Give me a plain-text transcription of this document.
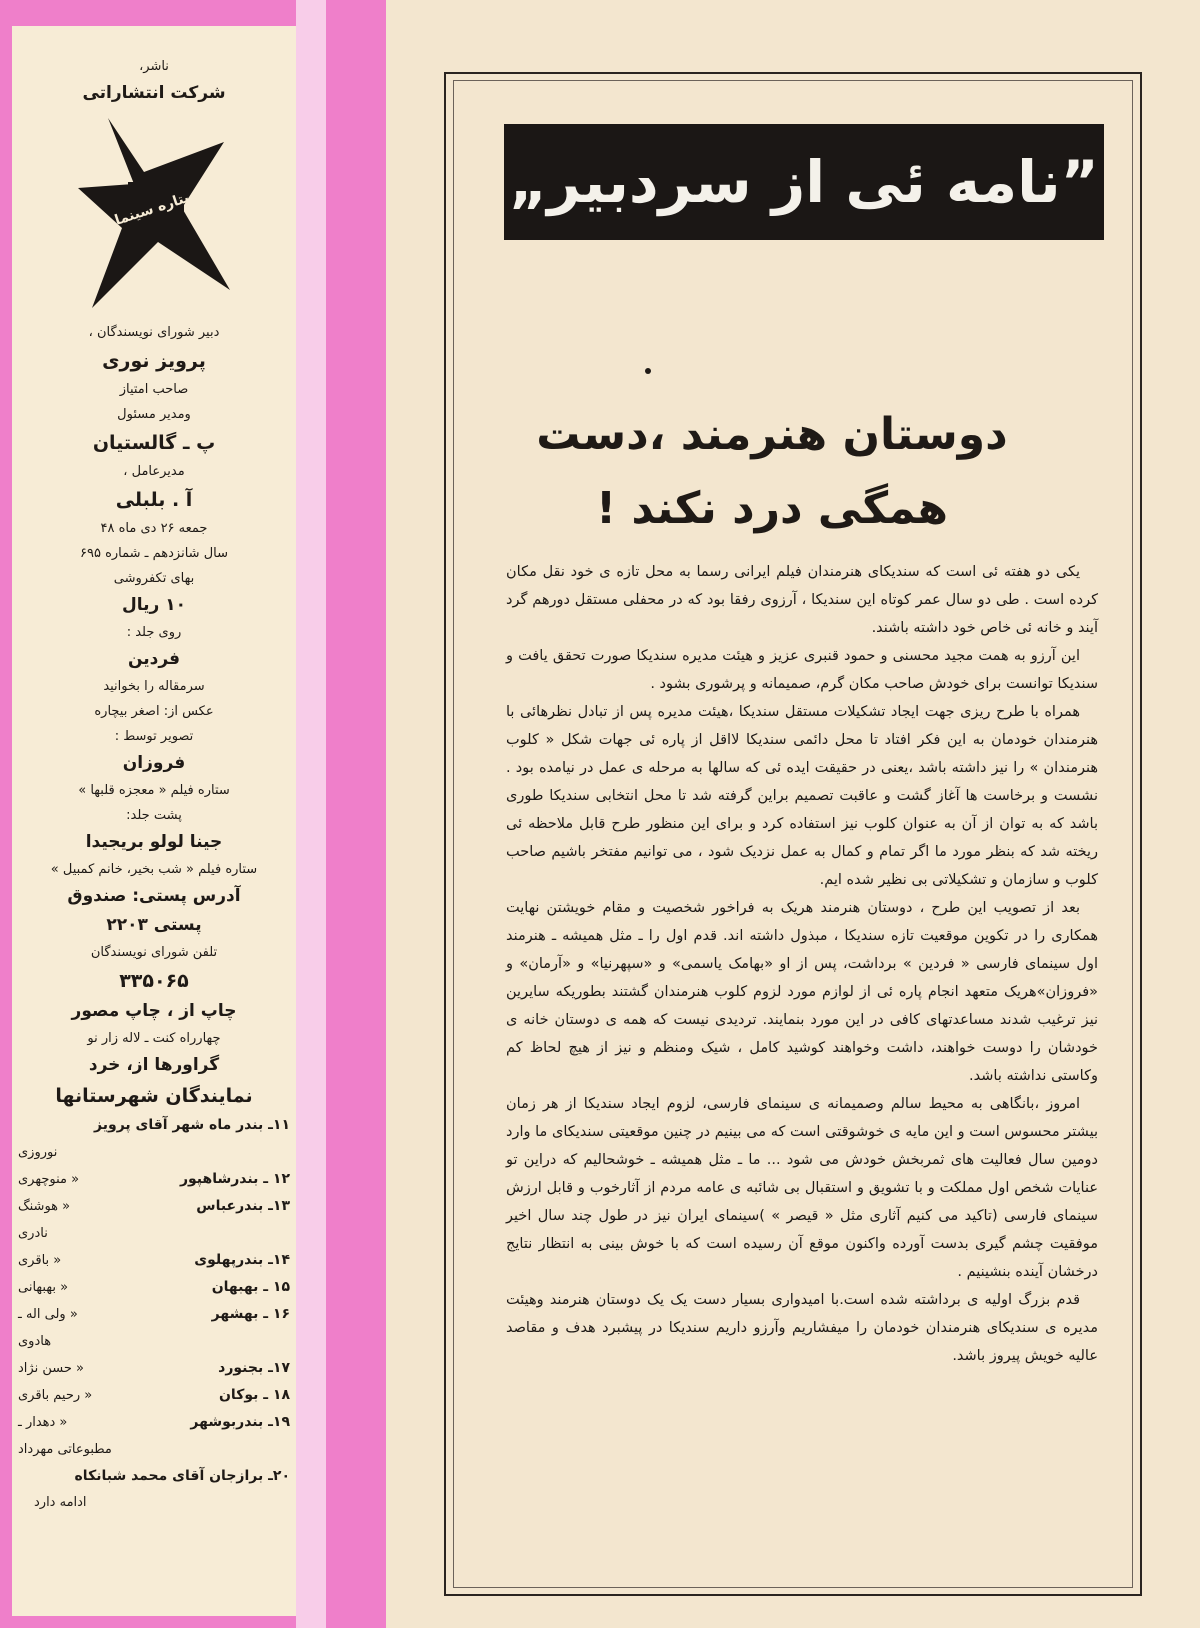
ناشر،

شرکت انتشاراتی

ستاره سینما

دبیر شورای نویسندگان ،

پرویز نوری

صاحب امتیاز

ومدیر مسئول

پ ـ گالستیان

مدیرعامل ،

آ . بلبلی

جمعه ۲۶ دی ماه ۴۸

سال شانزدهم ـ شماره ۶۹۵

بهای تکفروشی

۱۰ ریال

روی جلد :

فردین

سرمقاله را بخوانید

عکس از: اصغر بیچاره

تصویر توسط :

فروزان

ستاره فیلم « معجزه قلبها »

پشت جلد:

جینا لولو بریجیدا

ستاره فیلم « شب بخیر، خانم کمبیل »

آدرس پستی: صندوق

پستی ۲۲۰۳

تلفن شورای نویسندگان

۳۳۵۰۶۵

چاپ از ، چاپ مصور

چهارراه کنت ـ لاله زار نو

گراورها از، خرد

نمایندگان شهرستانها

۱۱ـ بندر ماه شهر آقای پرویز
نوروزی
۱۲ ـ بندرشاهپور
« منوچهری
۱۳ـ بندرعباس
« هوشنگ
نادری
۱۴ـ بندرپهلوی
« باقری
۱۵ ـ بهبهان
« بهبهانی
۱۶ ـ بهشهر
« ولی اله ـ
هادوی
۱۷ـ بجنورد
« حسن نژاد
۱۸ ـ بوکان
« رحیم باقری
۱۹ـ بندربوشهر
« دهدار ـ
مطبوعاتی مهرداد
۲۰ـ برازجان آقای محمد شبانکاه

ادامه دارد

”نامه ئی از سردبیر„
دوستان هنرمند ،دست
همگی درد نکند !

یکی دو هفته ئی است که سندیکای هنرمندان فیلم ایرانی رسما به محل تازه ی خود نقل مکان کرده است . طی دو سال عمر کوتاه این سندیکا ، آرزوی رفقا بود که در محفلی مستقل دورهم گرد آیند و خانه ئی خاص خود داشته باشند.

این آرزو به همت مجید محسنی و حمود قنبری عزیز و هیئت مدیره سندیکا صورت تحقق یافت و سندیکا توانست برای خودش صاحب مکان گرم، صمیمانه و پرشوری بشود .

همراه با طرح ریزی جهت ایجاد تشکیلات مستقل سندیکا ،هیئت مدیره پس از تبادل نظرهائی با هنرمندان خودمان به این فکر افتاد تا محل دائمی سندیکا لااقل از پاره ئی جهات شکل « کلوب هنرمندان » را نیز داشته باشد ،یعنی در حقیقت ایده ئی که سالها به مرحله ی عمل در نیامده بود . نشست و برخاست ها آغاز گشت و عاقبت تصمیم براین گرفته شد تا محل انتخابی سندیکا طوری باشد که به توان از آن به عنوان کلوب نیز استفاده کرد و برای این منظور طرح قابل ملاحظه ئی ریخته شد که بنظر مورد ما اگر تمام و کمال به عمل نزدیک شود ، می توانیم مفتخر باشیم صاحب کلوب و سازمان و تشکیلاتی بی نظیر شده ایم.

بعد از تصویب این طرح ، دوستان هنرمند هریک به فراخور شخصیت و مقام خویشتن نهایت همکاری را در تکوین موقعیت تازه سندیکا ، مبذول داشته اند. قدم اول را ـ مثل همیشه ـ هنرمند اول سینمای فارسی « فردین » برداشت، پس از او «بهامک یاسمی» و «سپهرنیا» و «آرمان» و «فروزان»هریک متعهد انجام پاره ئی از لوازم مورد لزوم کلوب هنرمندان گشتند بطوریکه سایرین نیز ترغیب شدند مساعدتهای کافی در این مورد بنمایند. تردیدی نیست که همه ی دوستان خانه ی خودشان را دوست خواهند، داشت وخواهند کوشید کامل ، شیک ومنظم و نیز از هیچ لحاظ کم وکاستی نداشته باشد.

امروز ،بانگاهی به محیط سالم وصمیمانه ی سینمای فارسی، لزوم ایجاد سندیکا از هر زمان بیشتر محسوس است و این مایه ی خوشوقتی است که می بینیم در چنین موقعیتی سندیکای ما وارد دومین سال فعالیت های ثمربخش خودش می شود ... ما ـ مثل همیشه ـ خوشحالیم که دراین تو عنایات شخص اول مملکت و با تشویق و استقبال بی شائبه ی عامه مردم از آثارخوب و قابل ارزش سینمای فارسی (تاکید می کنیم آثاری مثل « قیصر » )سینمای ایران نیز در طول چند سال اخیر موفقیت چشم گیری بدست آورده واکنون موقع آن رسیده است که با خوش بینی به انتظار نتایج درخشان آینده بنشینیم .

قدم بزرگ اولیه ی برداشته شده است.با امیدواری بسیار دست یک یک دوستان هنرمند وهیئت مدیره ی سندیکای هنرمندان خودمان را میفشاریم وآرزو داریم سندیکا در پیشبرد هدف و مقاصد عالیه خویش پیروز باشد.
